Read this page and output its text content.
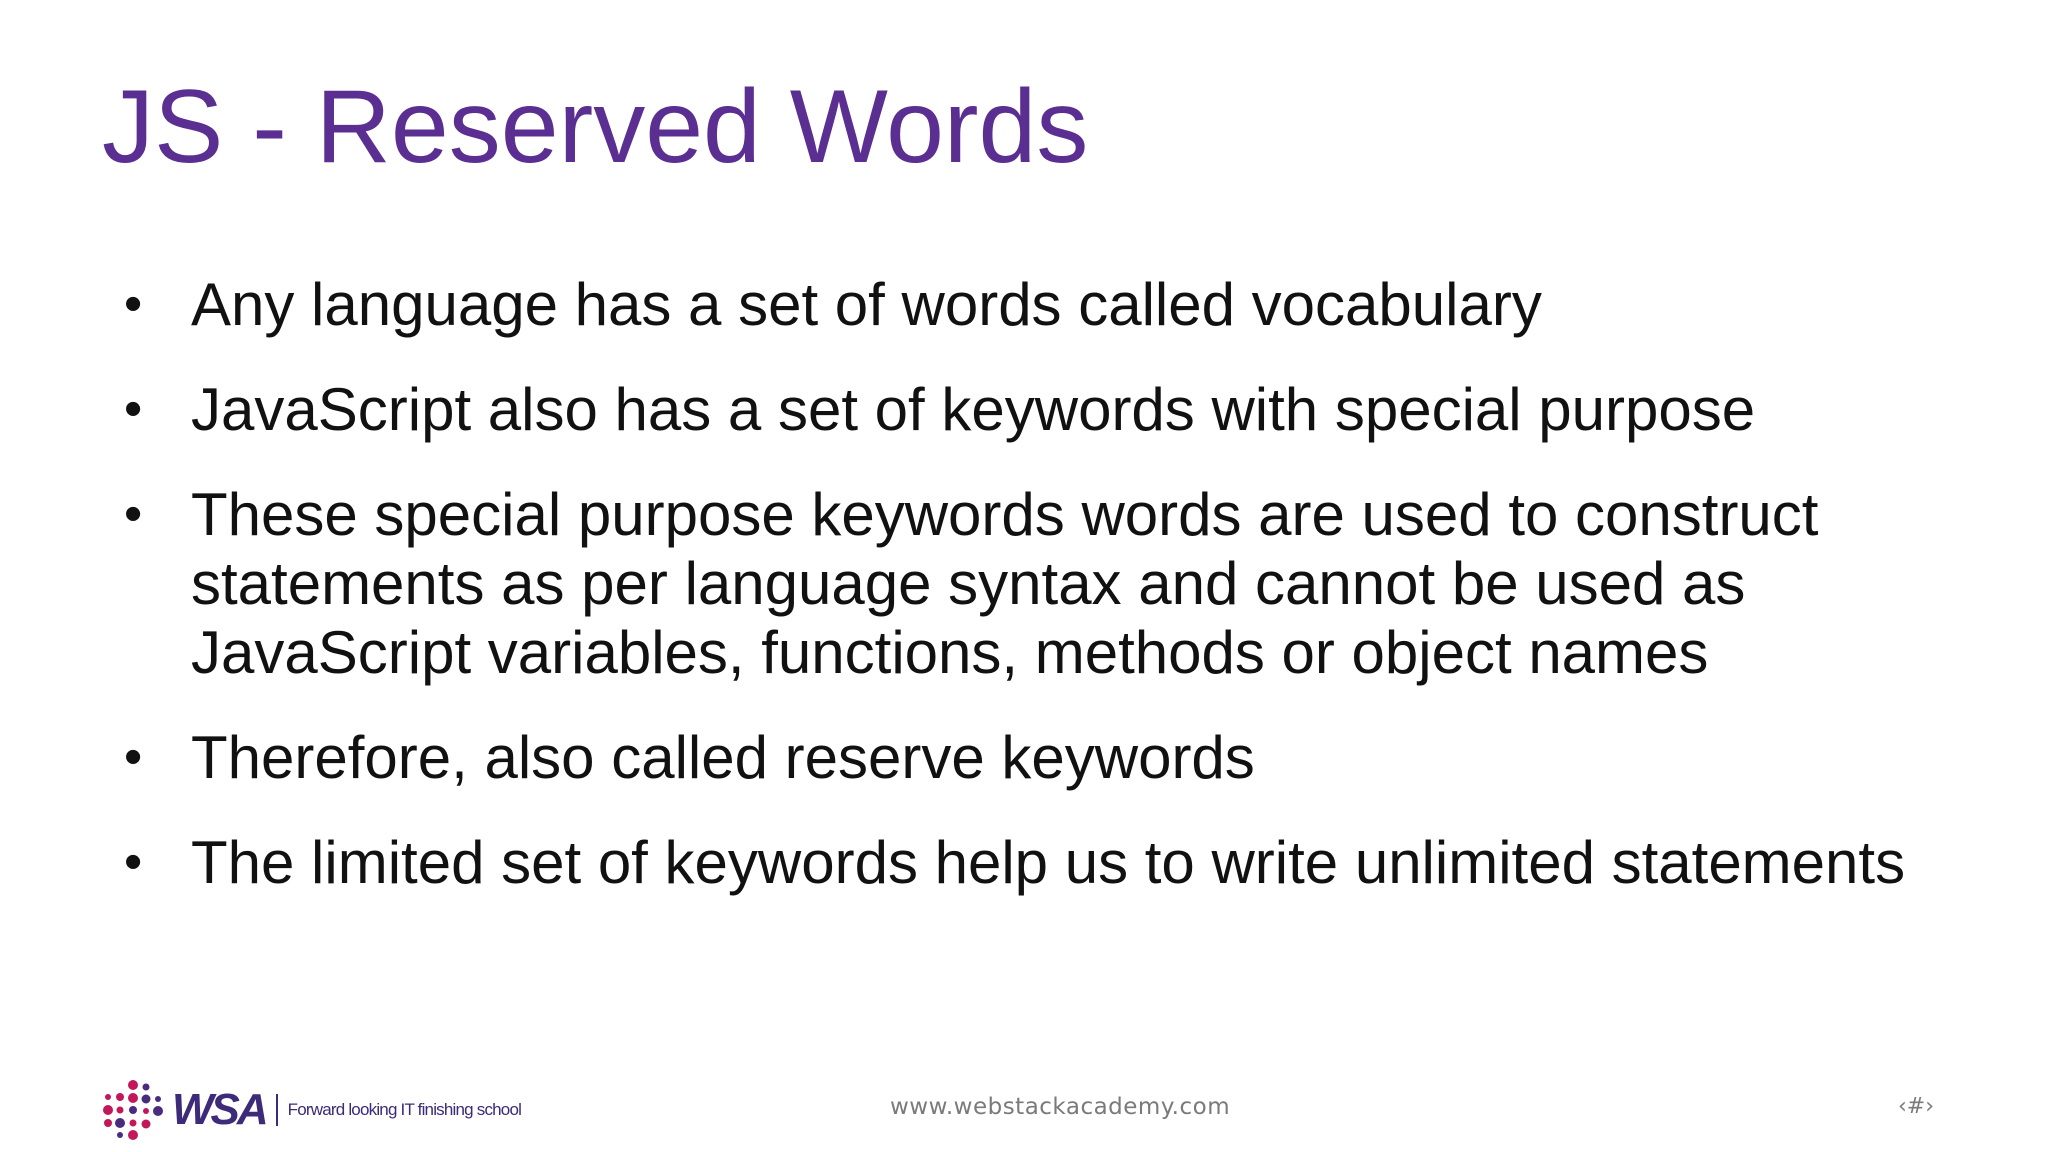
JS - Reserved Words
• Any language has a set of words called vocabulary
• JavaScript also has a set of keywords with special purpose
• These special purpose keywords words are used to construct statements as per language syntax and cannot be used as JavaScript variables, functions, methods or object names
• Therefore, also called reserve keywords
• The limited set of keywords help us to write unlimited statements
WSA Forward looking IT finishing school	www.webstackacademy.com	‹#›
